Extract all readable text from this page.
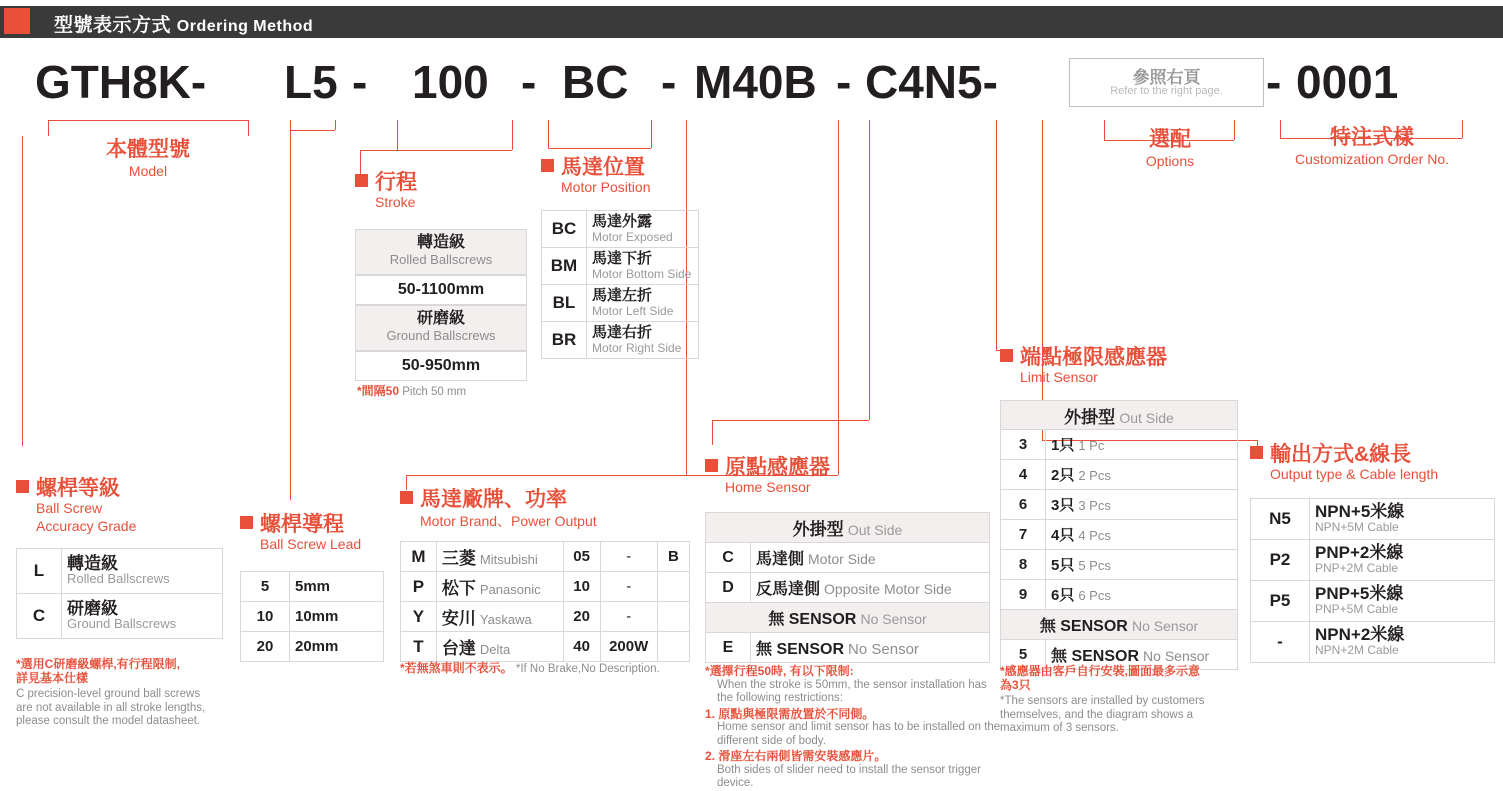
型號表示方式 Ordering Method
GTH8K- L5 - 100 - BC - M40B - C4N5-	- 0001
參照右頁
Refer to the right page.
本體型號
Model
選配
Options
特注式樣
Customization Order No.
行程
Stroke
轉造級
Rolled Ballscrews
50-1100mm
研磨級
Ground Ballscrews
50-950mm
*間隔50 Pitch 50 mm
馬達位置
Motor Position
BC	馬達外露
Motor Exposed

BM	馬達下折
Motor Bottom Side

BL	馬達左折
Motor Left Side

BR	馬達右折
Motor Right Side	端點極限感應器
Limit Sensor
外掛型 Out Side	
3	1只 1 Pc
4	2只 2 Pcs
6	3只 3 Pcs
7	4只 4 Pcs
8	5只 5 Pcs
9	6只 6 Pcs
無 SENSOR No Sensor	
5	無 SENSOR No Sensor
*感應器由客戶自行安裝,圖面最多示意
為3只
*The sensors are installed by customers
themselves, and the diagram shows a
maximum of 3 sensors.
螺桿等級
Ball Screw
Accuracy Grade
L	轉造級
Rolled Ballscrews

C	研磨級
Ground Ballscrews
*選用C研磨級螺桿,有行程限制,
詳見基本仕樣
C precision-level ground ball screws
are not available in all stroke lengths,
please consult the model datasheet.
螺桿導程
Ball Screw Lead
5	5mm
10	10mm
20	20mm
馬達廠牌、功率
Motor Brand、Power Output
M	三菱 Mitsubishi	05	-	B
P	松下 Panasonic	10	-	
Y	安川 Yaskawa	20	-	
T	台達 Delta	40	200W	
*若無煞車則不表示。 *If No Brake,No Description.
原點感應器
Home Sensor
外掛型 Out Side	
C	馬達側 Motor Side
D	反馬達側 Opposite Motor Side
無 SENSOR No Sensor	
E	無 SENSOR No Sensor
*選擇行程50時, 有以下限制:
When the stroke is 50mm, the sensor installation has
the following restrictions:
1. 原點與極限需放置於不同側。
Home sensor and limit sensor has to be installed on the
different side of body.
2. 滑座左右兩側皆需安裝感應片。
Both sides of slider need to install the sensor trigger device.
輸出方式&線長
Output type & Cable length
N5	NPN+5米線
NPN+5M Cable

P2	PNP+2米線
PNP+2M Cable

P5	PNP+5米線
PNP+5M Cable

-	NPN+2米線
NPN+2M Cable
